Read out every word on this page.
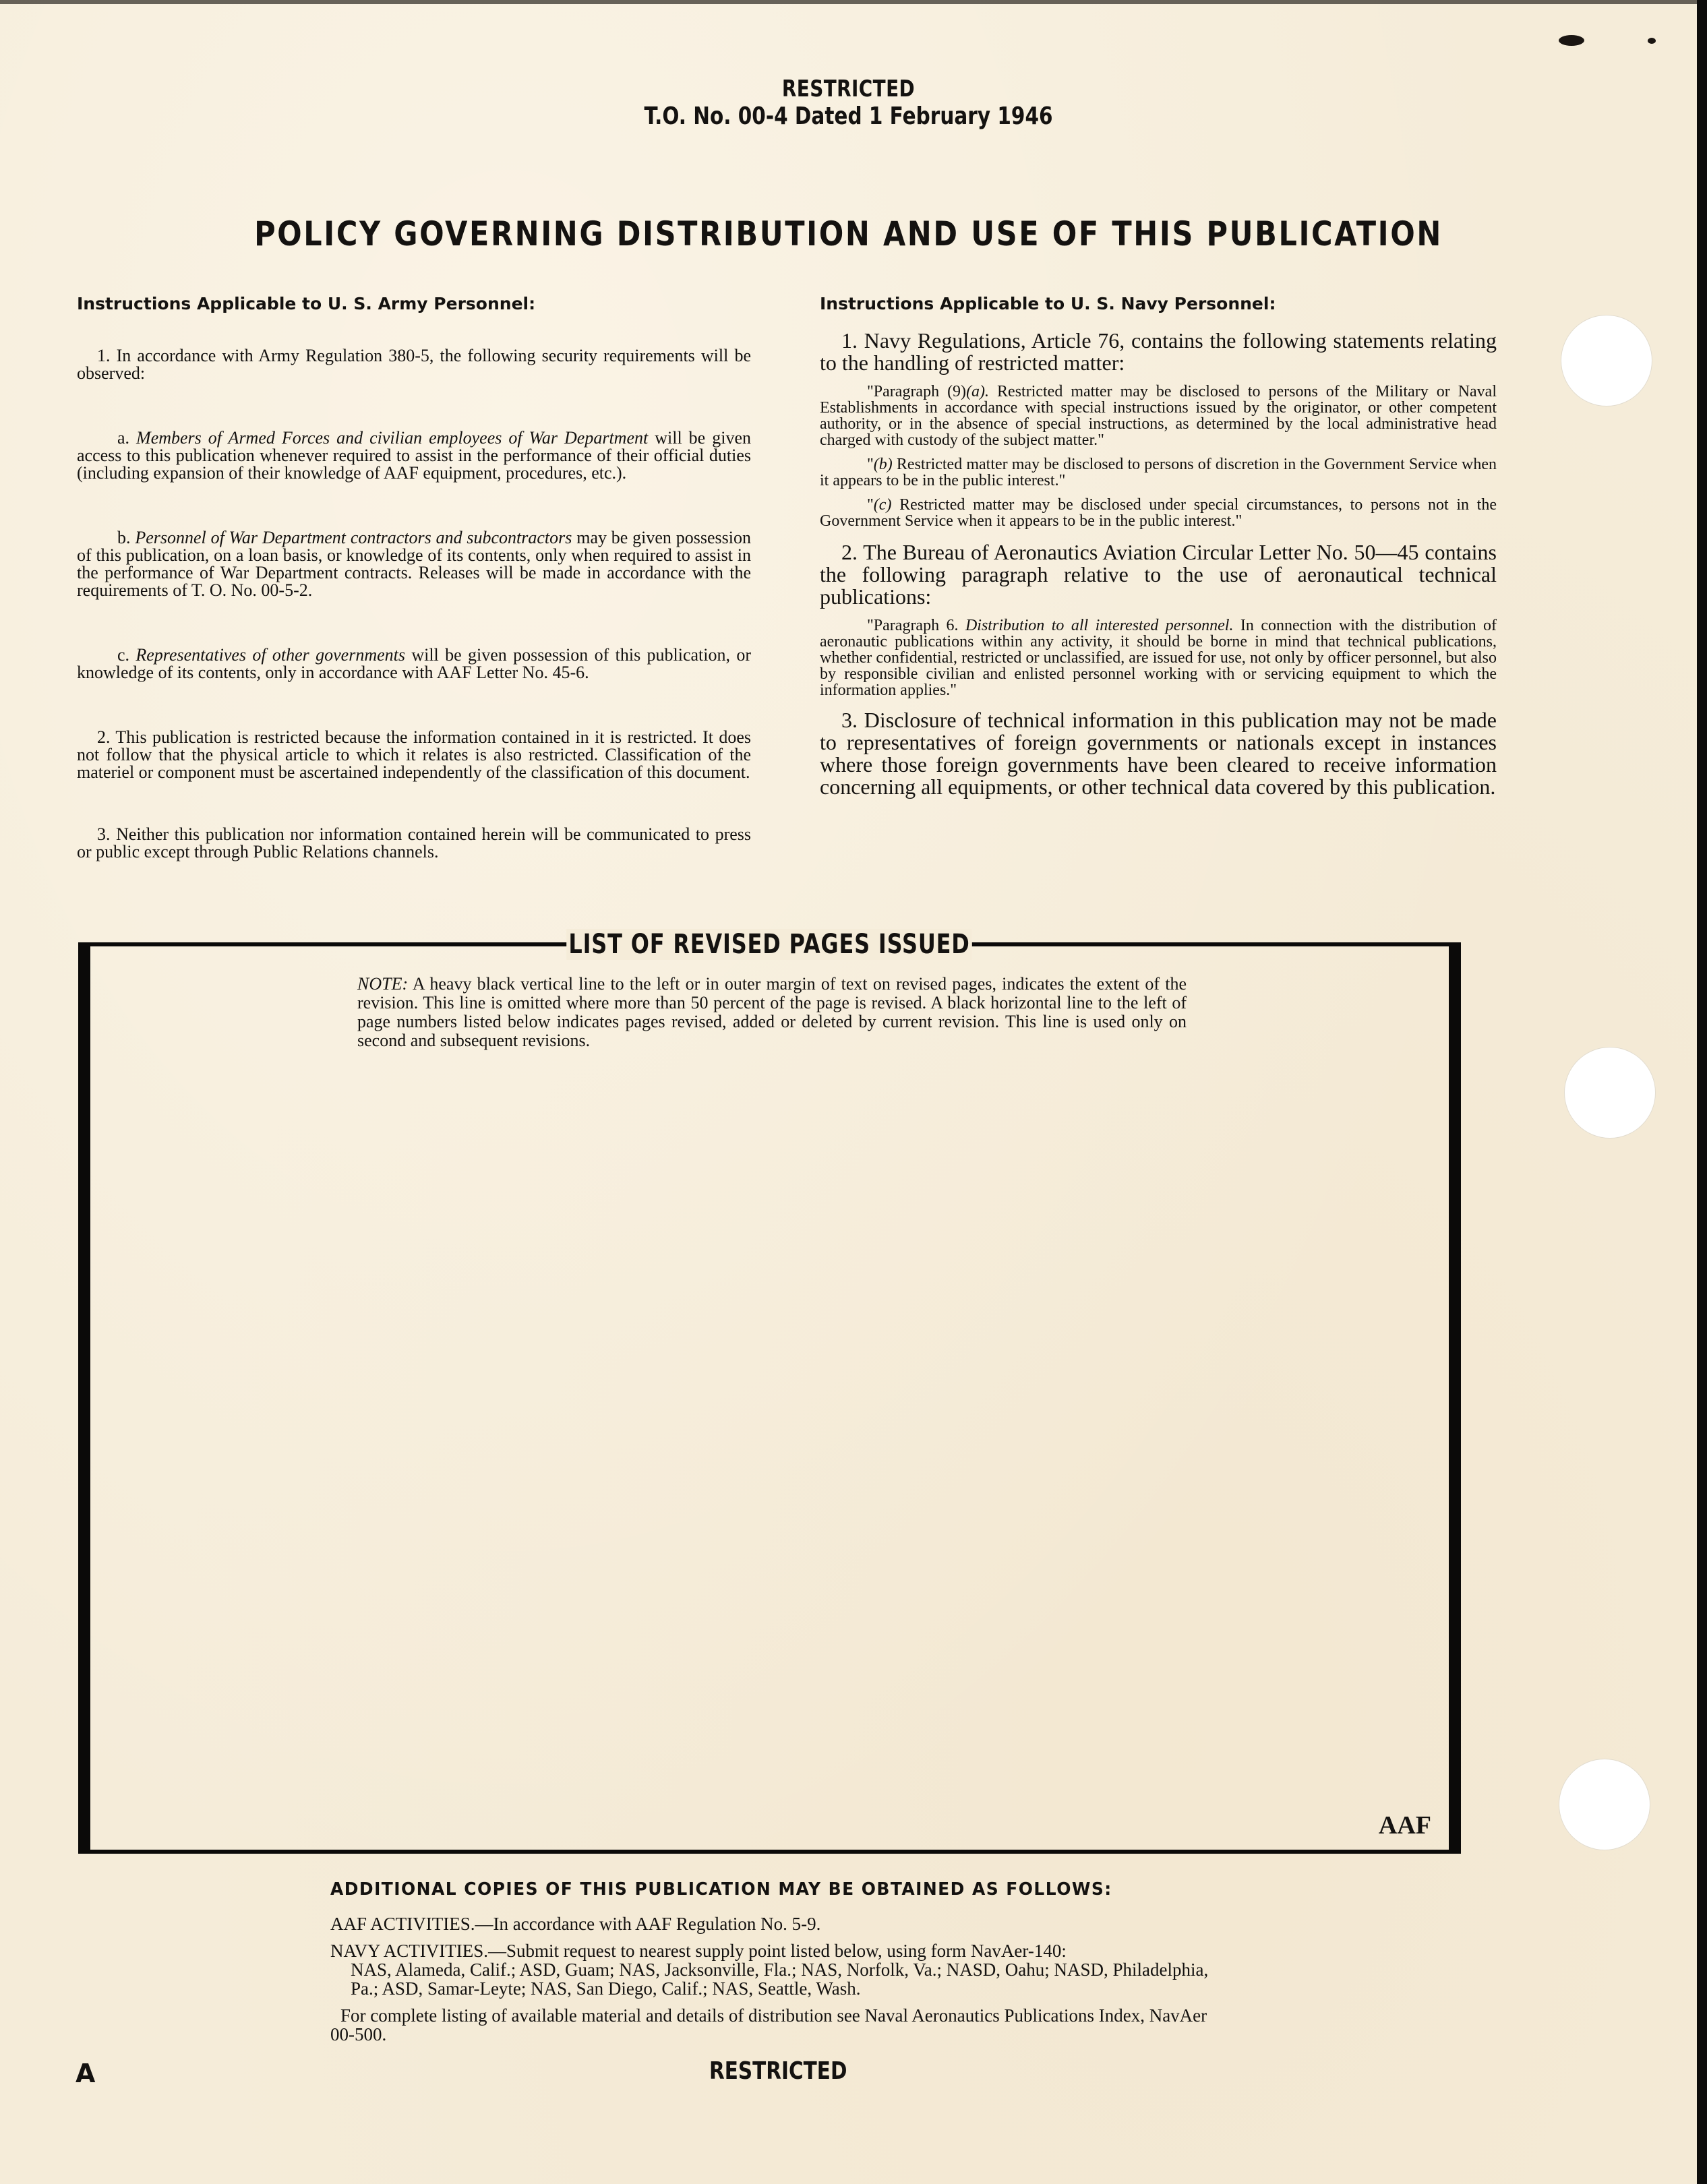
RESTRICTED
T.O. No. 00-4 Dated 1 February 1946
POLICY GOVERNING DISTRIBUTION AND USE OF THIS PUBLICATION
Instructions Applicable to U. S. Army Personnel:

1. In accordance with Army Regulation 380-5, the following security requirements will be observed:

a. Members of Armed Forces and civilian employees of War Department will be given access to this publication whenever required to assist in the performance of their official duties (including expansion of their knowledge of AAF equipment, procedures, etc.).

b. Personnel of War Department contractors and subcontractors may be given possession of this publication, on a loan basis, or knowledge of its contents, only when required to assist in the performance of War Department contracts. Releases will be made in accordance with the requirements of T. O. No. 00-5-2.

c. Representatives of other governments will be given possession of this publication, or knowledge of its contents, only in accordance with AAF Letter No. 45-6.

2. This publication is restricted because the information contained in it is restricted. It does not follow that the physical article to which it relates is also restricted. Classification of the materiel or component must be ascertained independently of the classification of this document.

3. Neither this publication nor information contained herein will be communicated to press or public except through Public Relations channels.

Instructions Applicable to U. S. Navy Personnel:

1. Navy Regulations, Article 76, contains the following statements relating to the handling of restricted matter:

"Paragraph (9)(a). Restricted matter may be disclosed to persons of the Military or Naval Establishments in accordance with special instructions issued by the originator, or other competent authority, or in the absence of special instructions, as determined by the local administrative head charged with custody of the subject matter."

"(b) Restricted matter may be disclosed to persons of discretion in the Government Service when it appears to be in the public interest."

"(c) Restricted matter may be disclosed under special circumstances, to persons not in the Government Service when it appears to be in the public interest."

2. The Bureau of Aeronautics Aviation Circular Letter No. 50—45 contains the following paragraph relative to the use of aeronautical technical publications:

"Paragraph 6. Distribution to all interested personnel. In connection with the distribution of aeronautic publications within any activity, it should be borne in mind that technical publications, whether confidential, restricted or unclassified, are issued for use, not only by officer personnel, but also by responsible civilian and enlisted personnel working with or servicing equipment to which the information applies."

3. Disclosure of technical information in this publication may not be made to representatives of foreign governments or nationals except in instances where those foreign governments have been cleared to receive information concerning all equipments, or other technical data covered by this publication.

LIST OF REVISED PAGES ISSUED

NOTE: A heavy black vertical line to the left or in outer margin of text on revised pages, indicates the extent of the revision. This line is omitted where more than 50 percent of the page is revised. A black horizontal line to the left of page numbers listed below indicates pages revised, added or deleted by current revision. This line is used only on second and subsequent revisions.

AAF

ADDITIONAL COPIES OF THIS PUBLICATION MAY BE OBTAINED AS FOLLOWS:

AAF ACTIVITIES.—In accordance with AAF Regulation No. 5-9.

NAVY ACTIVITIES.—Submit request to nearest supply point listed below, using form NavAer-140:

NAS, Alameda, Calif.; ASD, Guam; NAS, Jacksonville, Fla.; NAS, Norfolk, Va.; NASD, Oahu; NASD, Philadelphia, Pa.; ASD, Samar-Leyte; NAS, San Diego, Calif.; NAS, Seattle, Wash.

For complete listing of available material and details of distribution see Naval Aeronautics Publications Index, NavAer 00-500.

A	RESTRICTED
